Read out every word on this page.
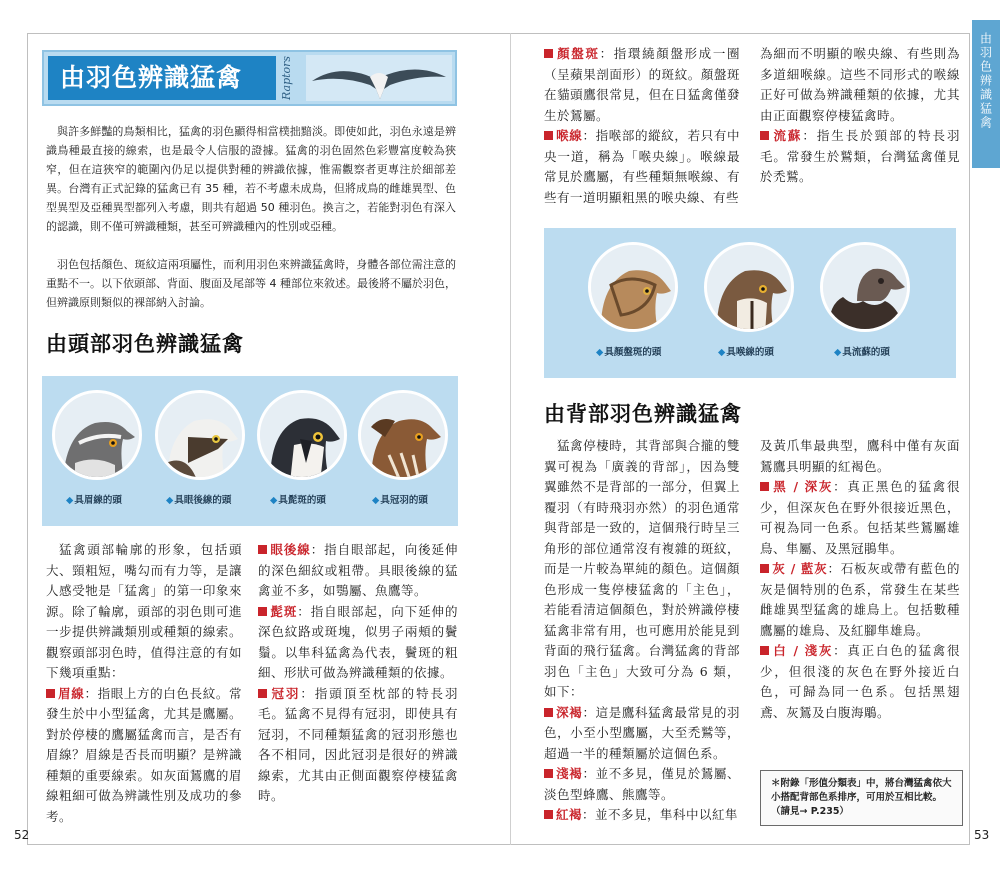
由羽色辨識猛禽
52	53
由羽色辨識猛禽	Raptors
與許多鮮豔的鳥類相比，猛禽的羽色顯得相當樸拙黯淡。即使如此，羽色永遠是辨識鳥種最直接的線索，也是最令人信服的證據。猛禽的羽色固然色彩豐富度較為狹窄，但在這狹窄的範圍內仍足以提供對種的辨識依據，惟需觀察者更專注於細部差異。台灣有正式記錄的猛禽已有 35 種，若不考慮未成鳥，但將成鳥的雌雄異型、色型異型及亞種異型都列入考慮，則共有超過 50 種羽色。換言之，若能對羽色有深入的認識，則不僅可辨識種類，甚至可辨識種內的性別或亞種。
羽色包括顏色、斑紋這兩項屬性，而利用羽色來辨識猛禽時，身體各部位需注意的重點不一。以下依頭部、背面、腹面及尾部等 4 種部位來敘述。最後將不屬於羽色，但辨識原則類似的裸部納入討論。
由頭部羽色辨識猛禽
◆ 具眉線的頭	◆ 具眼後線的頭	◆ 具髭斑的頭	◆ 具冠羽的頭

猛禽頭部輪廓的形象，包括頭大、頸粗短，嘴勾而有力等，是讓人感受牠是「猛禽」的第一印象來源。除了輪廓，頭部的羽色則可進一步提供辨識類別或種類的線索。觀察頭部羽色時，值得注意的有如下幾項重點：

眉線：指眼上方的白色長紋。常發生於中小型猛禽，尤其是鷹屬。對於停棲的鷹屬猛禽而言，是否有眉線？眉線是否長而明顯？是辨識種類的重要線索。如灰面鵟鷹的眉線粗細可做為辨識性別及成功的參考。

眼後線：指自眼部起，向後延伸的深色細紋或粗帶。具眼後線的猛禽並不多，如鶚屬、魚鷹等。

髭斑：指自眼部起，向下延伸的深色紋路或斑塊，似男子兩頰的鬢鬚。以隼科猛禽為代表，鬢斑的粗細、形狀可做為辨識種類的依據。

冠羽：指頭頂至枕部的特長羽毛。猛禽不見得有冠羽，即使具有冠羽，不同種類猛禽的冠羽形態也各不相同，因此冠羽是很好的辨識線索，尤其由正側面觀察停棲猛禽時。

顏盤斑：指環繞顏盤形成一圈（呈蘋果剖面形）的斑紋。顏盤斑在貓頭鷹很常見，但在日猛禽僅發生於鵟屬。

喉線：指喉部的縱紋，若只有中央一道，稱為「喉央線」。喉線最常見於鷹屬，有些種類無喉線、有些有一道明顯粗黑的喉央線、有些

為細而不明顯的喉央線、有些則為多道細喉線。這些不同形式的喉線正好可做為辨識種類的依據，尤其由正面觀察停棲猛禽時。

流蘇：指生長於頸部的特長羽毛。常發生於鷲類，台灣猛禽僅見於禿鷲。

◆ 具顏盤斑的頭	◆ 具喉線的頭	◆ 具流蘇的頭
由背部羽色辨識猛禽

猛禽停棲時，其背部與合攏的雙翼可視為「廣義的背部」，因為雙翼雖然不是背部的一部分，但翼上覆羽（有時飛羽亦然）的羽色通常與背部是一致的，這個飛行時呈三角形的部位通常沒有複雜的斑紋，而是一片較為單純的顏色。這個顏色形成一隻停棲猛禽的「主色」，若能看清這個顏色，對於辨識停棲猛禽非常有用，也可應用於能見到背面的飛行猛禽。台灣猛禽的背部羽色「主色」大致可分為 6 類，如下：

深褐：這是鷹科猛禽最常見的羽色，小至小型鷹屬，大至禿鷲等，超過一半的種類屬於這個色系。

淺褐：並不多見，僅見於鵟屬、淡色型蜂鷹、熊鷹等。

紅褐：並不多見，隼科中以紅隼

及黃爪隼最典型，鷹科中僅有灰面鵟鷹具明顯的紅褐色。

黑 / 深灰：真正黑色的猛禽很少，但深灰色在野外很接近黑色，可視為同一色系。包括某些鵟屬雄鳥、隼屬、及黑冠鵑隼。

灰 / 藍灰：石板灰或帶有藍色的灰是個特別的色系，常發生在某些雌雄異型猛禽的雄鳥上。包括數種鷹屬的雄鳥、及紅腳隼雄鳥。

白 / 淺灰：真正白色的猛禽很少，但很淺的灰色在野外接近白色，可歸為同一色系。包括黑翅鳶、灰鵟及白腹海鵰。

＊附錄「形值分類表」中，將台灣猛禽依大小搭配背部色系排序，可用於互相比較。（請見→ P.235）
